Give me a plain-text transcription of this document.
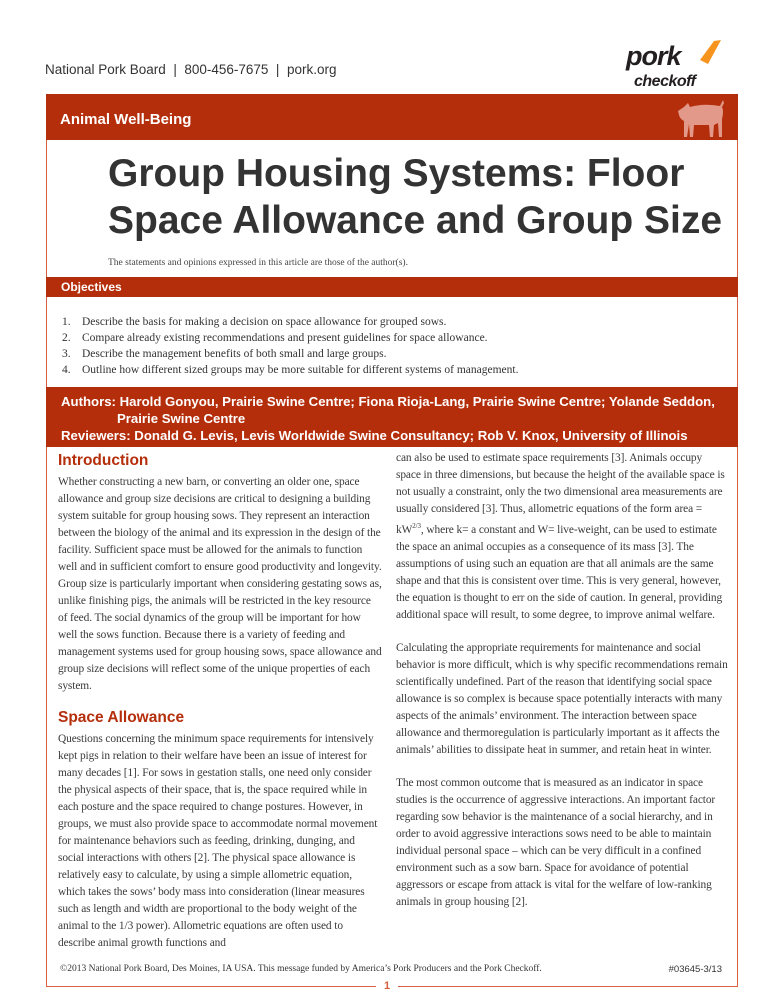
National Pork Board  |  800-456-7675  |  pork.org	pork
checkoff
Animal Well-Being
Group Housing Systems: Floor Space Allowance and Group Size
The statements and opinions expressed in this article are those of the author(s).
Objectives
1. Describe the basis for making a decision on space allowance for grouped sows.
2. Compare already existing recommendations and present guidelines for space allowance.
3. Describe the management benefits of both small and large groups.
4. Outline how different sized groups may be more suitable for different systems of management.
Authors: Harold Gonyou, Prairie Swine Centre; Fiona Rioja-Lang, Prairie Swine Centre; Yolande Seddon,
Prairie Swine Centre
Reviewers: Donald G. Levis, Levis Worldwide Swine Consultancy; Rob V. Knox, University of Illinois
Introduction

Whether constructing a new barn, or converting an older one, space allowance and group size decisions are critical to designing a building system suitable for group housing sows. They represent an interaction between the biology of the animal and its expression in the design of the facility. Sufficient space must be allowed for the animals to function well and in sufficient comfort to ensure good productivity and longevity. Group size is particularly important when considering gestating sows as, unlike finishing pigs, the animals will be restricted in the key resource of feed. The social dynamics of the group will be important for how well the sows function. Because there is a variety of feeding and management systems used for group housing sows, space allowance and group size decisions will reflect some of the unique properties of each system.

Space Allowance

Questions concerning the minimum space requirements for intensively kept pigs in relation to their welfare have been an issue of interest for many decades [1]. For sows in gestation stalls, one need only consider the physical aspects of their space, that is, the space required while in each posture and the space required to change postures. However, in groups, we must also provide space to accommodate normal movement for maintenance behaviors such as feeding, drinking, dunging, and social interactions with others [2]. The physical space allowance is relatively easy to calculate, by using a simple allometric equation, which takes the sows’ body mass into consideration (linear measures such as length and width are proportional to the body weight of the animal to the 1/3 power). Allometric equations are often used to describe animal growth functions and

can also be used to estimate space requirements [3]. Animals occupy space in three dimensions, but because the height of the available space is not usually a constraint, only the two dimensional area measurements are usually considered [3]. Thus, allometric equations of the form area = $kW^{2/3}$, where k= a constant and W= live-weight, can be used to estimate the space an animal occupies as a consequence of its mass [3]. The assumptions of using such an equation are that all animals are the same shape and that this is consistent over time. This is very general, however, the equation is thought to err on the side of caution. In general, providing additional space will result, to some degree, to improve animal welfare.

Calculating the appropriate requirements for maintenance and social behavior is more difficult, which is why specific recommendations remain scientifically undefined. Part of the reason that identifying social space allowance is so complex is because space potentially interacts with many aspects of the animals’ environment. The interaction between space allowance and thermoregulation is particularly important as it affects the animals’ abilities to dissipate heat in summer, and retain heat in winter.

The most common outcome that is measured as an indicator in space studies is the occurrence of aggressive interactions. An important factor regarding sow behavior is the maintenance of a social hierarchy, and in order to avoid aggressive interactions sows need to be able to maintain individual personal space – which can be very difficult in a confined environment such as a sow barn. Space for avoidance of potential aggressors or escape from attack is vital for the welfare of low-ranking animals in group housing [2].

©2013 National Pork Board, Des Moines, IA USA. This message funded by America’s Pork Producers and the Pork Checkoff.	#03645-3/13
1
